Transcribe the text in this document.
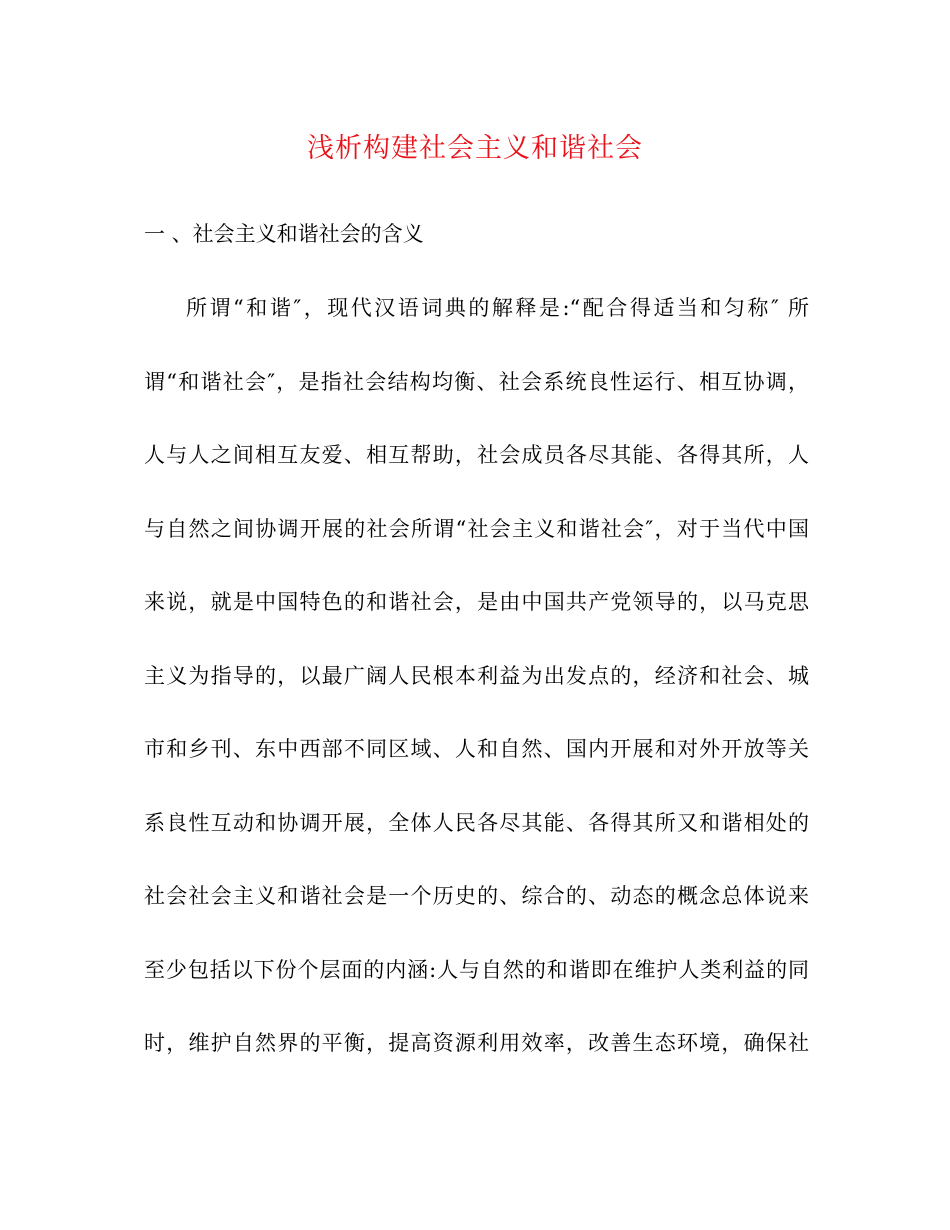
浅析构建社会主义和谐社会
一 、社会主义和谐社会的含义
所谓“和谐″，现代汉语词典的解释是:“配合得适当和匀称″ 所
谓“和谐社会″，是指社会结构均衡、社会系统良性运行、相互协调，
人与人之间相互友爱、相互帮助，社会成员各尽其能、各得其所，人
与自然之间协调开展的社会所谓“社会主义和谐社会″，对于当代中国
来说，就是中国特色的和谐社会，是由中国共产党领导的，以马克思
主义为指导的，以最广阔人民根本利益为出发点的，经济和社会、城
市和乡刊、东中西部不同区域、人和自然、国内开展和对外开放等关
系良性互动和协调开展，全体人民各尽其能、各得其所又和谐相处的
社会社会主义和谐社会是一个历史的、综合的、动态的概念总体说来
至少包括以下份个层面的内涵:人与自然的和谐即在维护人类利益的同
时，维护自然界的平衡，提高资源利用效率，改善生态环境，确保社
